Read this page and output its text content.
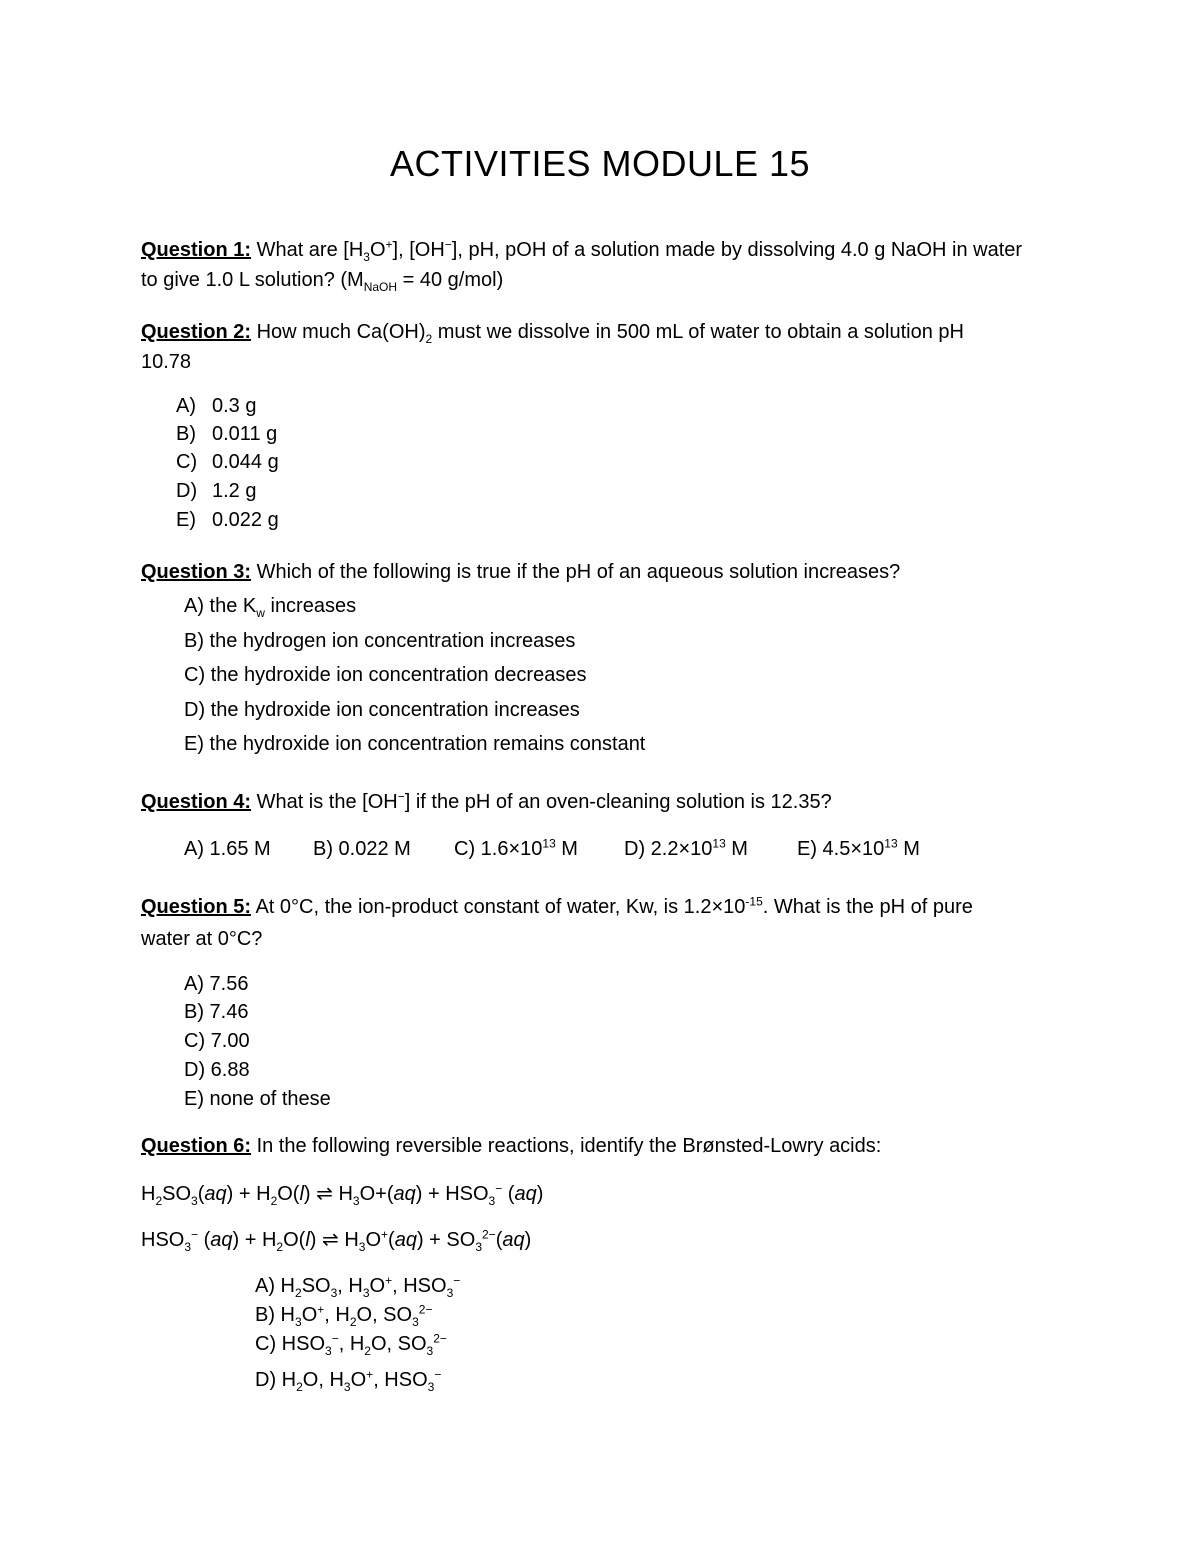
ACTIVITIES MODULE 15
Question 1: What are $[H_3O^+]$, [OH−], pH, pOH of a solution made by dissolving 4.0 g NaOH in water
to give 1.0 L solution? ($M_{NaOH} = 40$ g/mol)
Question 2: How much $Ca(OH)_2$ must we dissolve in 500 mL of water to obtain a solution pH
10.78
A) 0.3 g
B) 0.011 g
C) 0.044 g
D) 1.2 g
E) 0.022 g
Question 3: Which of the following is true if the pH of an aqueous solution increases?
A) the $K_w$ increases
B) the hydrogen ion concentration increases
C) the hydroxide ion concentration decreases
D) the hydroxide ion concentration increases
E) the hydroxide ion concentration remains constant
Question 4: What is the [OH−] if the pH of an oven-cleaning solution is 12.35?
A) 1.65 M B) 0.022 M C) $1.6\times 10^{13}$ M D) $2.2\times 10^{13}$ M E) $4.5\times 10^{13}$ M
Question 5: At 0°C, the ion-product constant of water, Kw, is $1.2\times 10^{-15}$. What is the pH of pure
water at 0°C?
A) 7.56
B) 7.46
C) 7.00
D) 6.88
E) none of these
Question 6: In the following reversible reactions, identify the Brønsted-Lowry acids:
$H_2SO_3(aq) + H_2O(l)$ ⇌ $H_3O+(aq) + HSO_3^-$ (aq)
$HSO_3^-$ $(aq) + H_2O(l)$ ⇌ $H_3O^+(aq) + SO_3^{2-}(aq)$
A) $H_2SO_3$, $H_3O^+$, $HSO_3^-$
B) $H_3O^+$, $H_2O$, $SO_3^{2-}$
C) $HSO_3^-$, $H_2O$, $SO_3^{2-}$
D) $H_2O$, $H_3O^+$, $HSO_3^-$
